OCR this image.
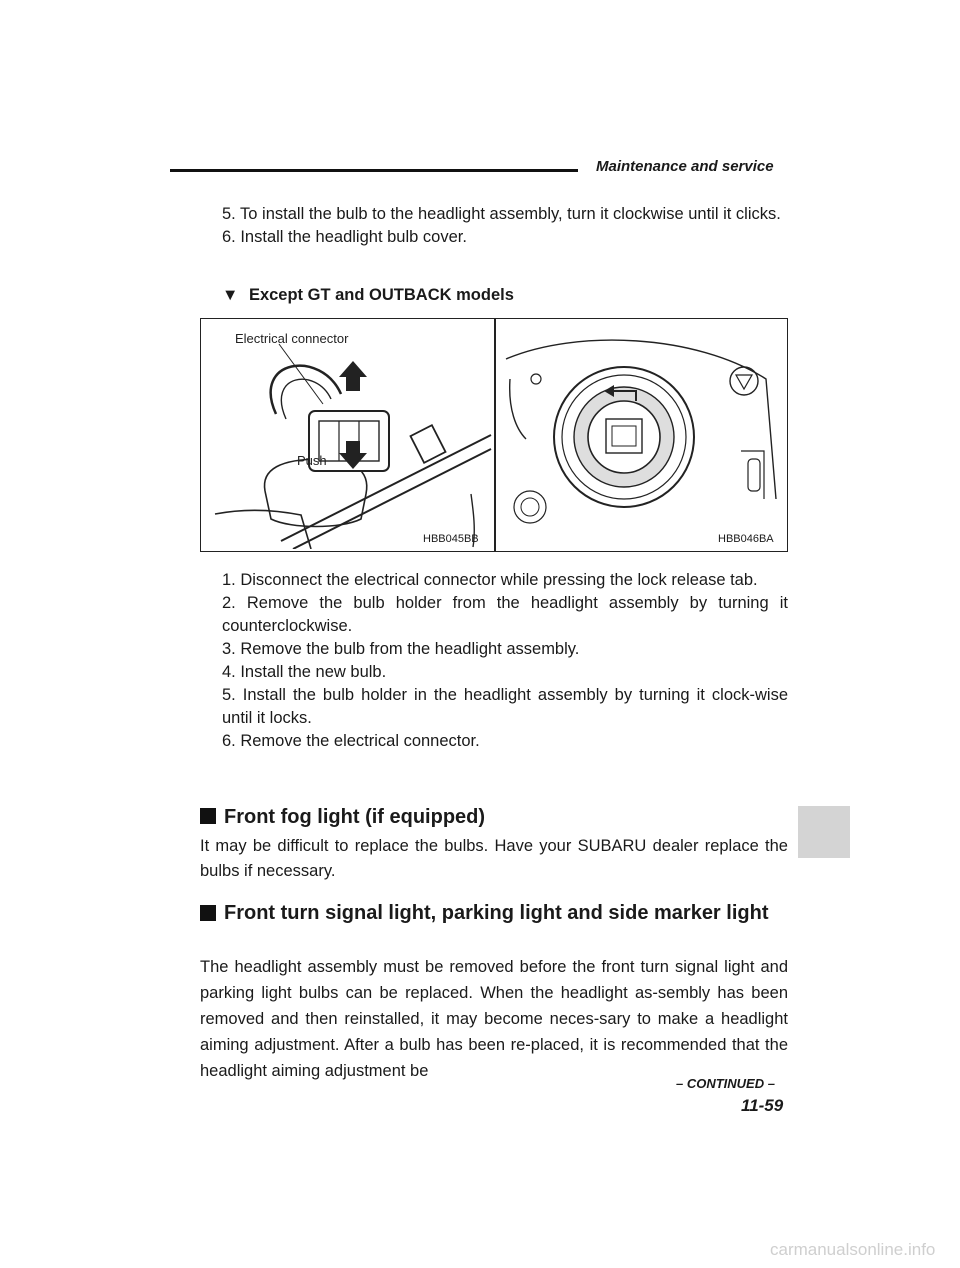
Maintenance and service

5. To install the bulb to the headlight assembly, turn it clockwise until it clicks.

6. Install the headlight bulb cover.

▼ Except GT and OUTBACK models
Electrical connector
Push
HBB045BB	HBB046BA

1. Disconnect the electrical connector while pressing the lock release tab.

2. Remove the bulb holder from the headlight assembly by turning it counterclockwise.

3. Remove the bulb from the headlight assembly.

4. Install the new bulb.

5. Install the bulb holder in the headlight assembly by turning it clock-wise until it locks.

6. Remove the electrical connector.

Front fog light (if equipped)

It may be difficult to replace the bulbs. Have your SUBARU dealer replace the bulbs if necessary.

Front turn signal light, parking light and side marker light

The headlight assembly must be removed before the front turn signal light and parking light bulbs can be replaced. When the headlight as-sembly has been removed and then reinstalled, it may become neces-sary to make a headlight aiming adjustment. After a bulb has been re-placed, it is recommended that the headlight aiming adjustment be

– CONTINUED –
11-59
carmanualsonline.info
